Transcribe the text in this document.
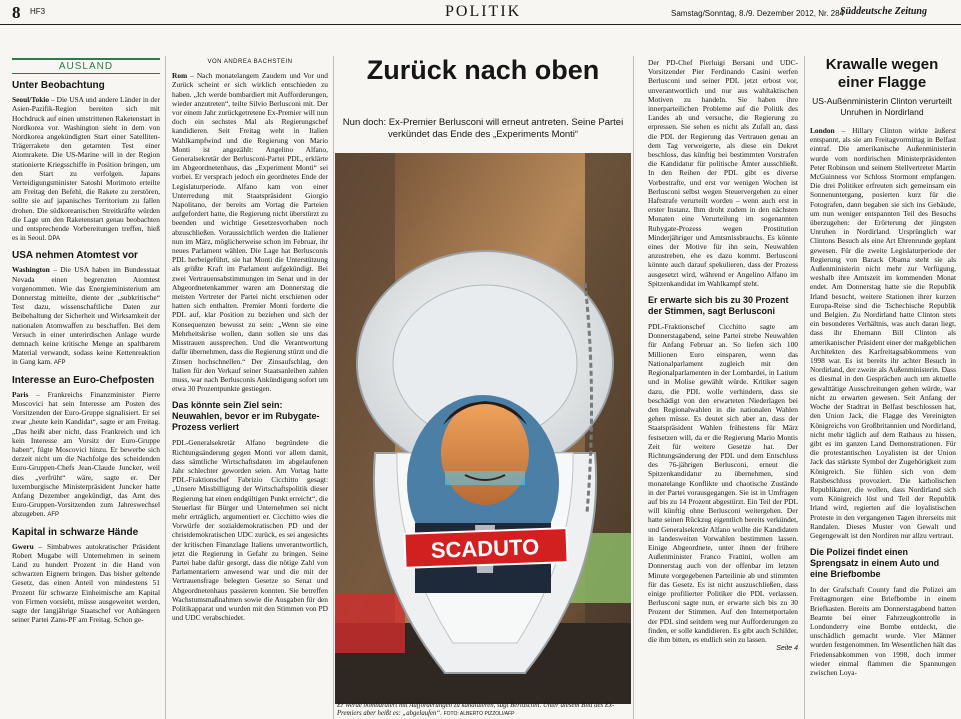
8 HF3	POLITIK	Samstag/Sonntag, 8./9. Dezember 2012, Nr. 284
Süddeutsche Zeitung
AUSLAND
Unter Beobachtung

Seoul/Tokio – Die USA und andere Länder in der Asien-Pazifik-Region bereiten sich mit Hochdruck auf einen umstrittenen Raketenstart in Nordkorea vor. Washington sieht in dem von Nordkorea angekündigten Start einer Satelliten-Trägerrakete den getarnten Test einer Atomrakete. Die US-Marine will in der Region stationierte Kriegsschiffe in Position bringen, um den Start zu verfolgen. Japans Verteidigungsminister Satoshi Morimoto erteilte am Freitag den Befehl, die Rakete zu zerstören, sollte sie auf japanisches Territorium zu fallen drohen. Die südkoreanischen Streitkräfte würden die Lage um den Raketenstart genau beobachten und entsprechende Vorbereitungen treffen, hieß es in Seoul. DPA

USA nehmen Atomtest vor

Washington – Die USA haben im Bundesstaat Nevada einen begrenzten Atomtest vorgenommen. Wie das Energieministerium am Donnerstag mitteilte, diente der „subkritische“ Test dazu, wissenschaftliche Daten zur Beibehaltung der Sicherheit und Wirksamkeit der nationalen Atomwaffen zu beschaffen. Bei dem Versuch in einer unterirdischen Anlage wurde demnach keine kritische Menge an spaltbarem Material verwandt, sodass keine Kettenreaktion in Gang kam. AFP

Interesse an Euro-Chefposten

Paris – Frankreichs Finanzminister Pierre Moscovici hat sein Interesse am Posten des Vorsitzenden der Euro-Gruppe signalisiert. Er sei zwar „heute kein Kandidat“, sagte er am Freitag. „Das heißt aber nicht, dass Frankreich und ich kein Interesse am Vorsitz der Euro-Gruppe haben“, fügte Moscovici hinzu. Er bewerbe sich derzeit nicht um die Nachfolge des scheidenden Euro-Gruppen-Chefs Jean-Claude Juncker, weil dies „verfrüht“ wäre, sagte er. Der luxemburgische Ministerpräsident Juncker hatte Anfang Dezember angekündigt, das Amt des Euro-Gruppen-Vorsitzenden zum Jahreswechsel abzugeben. AFP

Kapital in schwarze Hände

Gweru – Simbabwes autokratischer Präsident Robert Mugabe will Unternehmen in seinem Land zu hundert Prozent in die Hand von schwarzen Eignern bringen. Das bisher geltende Gesetz, das einen Anteil von mindestens 51 Prozent für schwarze Einheimische am Kapital von Firmen vorsieht, müsse ausgeweitet werden, sagte der langjährige Staatschef vor Anhängern seiner Partei Zanu-PF am Freitag. Schon ge-

VON ANDREA BACHSTEIN

Rom – Nach monatelangem Zaudern und Vor und Zurück scheint er sich wirklich entschieden zu haben. „Ich werde bombardiert mit Aufforderungen, wieder anzutreten“, teilte Silvio Berlusconi mit. Der vor einem Jahr zurückgetretene Ex-Premier will nun doch ein sechstes Mal als Regierungschef kandidieren. Seit Freitag weht in Italien Wahlkampfwind und die Regierung von Mario Monti ist angezählt: Angelino Alfano, Generalsekretär der Berlusconi-Partei PDL, erklärte im Abgeordnetenhaus, das „Experiment Monti“ sei vorbei. Er versprach jedoch ein geordnetes Ende der Legislaturperiode. Alfano kam von einer Unterredung mit Staatspräsident Giorgio Napolitano, der bereits am Vortag die Parteien aufgefordert hatte, die Regierung nicht überstürzt zu beenden und wichtige Gesetzesvorhaben noch abzuschließen. Voraussichtlich werden die Italiener nun im März, möglicherweise schon im Februar, ihr neues Parlament wählen. Die Lage hat Berlusconis PDL herbeigeführt, sie hat Monti die Unterstützung als größte Kraft im Parlament aufgekündigt. Bei zwei Vertrauensabstimmungen im Senat und in der Abgeordnetenkammer waren am Donnerstag die meisten Vertreter der Partei nicht erschienen oder hatten sich enthalten. Premier Monti forderte die PDL auf, klar Position zu beziehen und sich der Konsequenzen bewusst zu sein: „Wenn sie eine Mehrheitskrise wollen, dann sollen sie uns das Misstrauen aussprechen. Und die Verantwortung dafür übernehmen, dass die Regierung stürzt und die Zinsen hochschnellen.“ Der Zinsaufschlag, den Italien für den Verkauf seiner Staatsanleihen zahlen muss, war nach Berlusconis Ankündigung sofort um etwa 30 Prozentpunkte gestiegen.

Das könnte sein Ziel sein: Neuwahlen, bevor er im Rubygate-Prozess verliert

PDL-Generalsekretär Alfano begründete die Richtungsänderung gegen Monti vor allem damit, dass sämtliche Wirtschaftsdaten im abgelaufenen Jahr schlechter geworden seien. Am Vortag hatte PDL-Fraktionschef Fabrizio Cicchitto gesagt: „Unsere Missbilligung der Wirtschaftspolitik dieser Regierung hat einen endgültigen Punkt erreicht“, die Steuerlast für Bürger und Unternehmen sei nicht mehr erträglich, argumentiert er. Cicchitto wies die Vorwürfe der sozialdemokratischen PD und der christdemokratischen UDC zurück, es sei angesichts der kritischen Finanzlage Italiens unverantwortlich, jetzt die Regierung in Gefahr zu bringen. Seine Partei habe dafür gesorgt, dass die nötige Zahl von Parlamentariern anwesend war und die mit der Vertrauensfrage belegten Gesetze so Senat und Abgeordnetenhaus passieren konnten. Sie betreffen Wachstumsmaßnahmen sowie die Ausgaben für den Politikapparat und wurden mit den Stimmen von PD und UDC verabschiedet.

Zurück nach oben
Nun doch: Ex-Premier Berlusconi will erneut antreten. Seine Partei verkündet das Ende des „Experiments Monti“
SCADUTO
Er werde bombardiert mit Aufforderungen zu kandidieren, sagt Berlusconi. Unter diesem Bild des Ex-Premiers aber heißt es: „abgelaufen“. FOTO: ALBERTO PIZZOLI/AFP

Der PD-Chef Pierluigi Bersani und UDC-Vorsitzender Pier Ferdinando Casini werfen Berlusconi und seiner PDL jetzt erbost vor, unverantwortlich und nur aus wahltaktischen Motiven zu handeln. Sie haben ihre innerparteilichen Probleme auf die Politik des Landes ab und versuche, die Regierung zu erpressen. Sie sehen es nicht als Zufall an, dass die PDL der Regierung das Vertrauen genau an dem Tag verweigerte, als diese ein Dekret beschloss, das künftig bei bestimmten Vorstrafen die Kandidatur für politische Ämter ausschließt. In den Reihen der PDL gibt es diverse Vorbestrafte, und erst vor wenigen Wochen ist Berlusconi selbst wegen Steuervergehen zu einer Haftstrafe verurteilt worden – wenn auch erst in erster Instanz. Ihm droht zudem in den nächsten Monaten eine Verurteilung im sogenannten Rubygate-Prozess wegen Prostitution Minderjähriger und Amtsmissbrauchs. Es könnte eines der Motive für ihn sein, Neuwahlen anzustreben, ehe es dazu kommt. Berlusconi könnte auch darauf spekulieren, dass der Prozess ausgesetzt wird, während er Angelino Alfano im Spitzenkandidat im Wahlkampf steht.

Er erwarte sich bis zu 30 Prozent der Stimmen, sagt Berlusconi

PDL-Fraktionschef Cicchitto sagte am Donnerstagabend, seine Partei strebe Neuwahlen für Anfang Februar an. So liefen sich 100 Millionen Euro einsparen, wenn das Nationalparlament zugleich mit den Regionalparlamenten in der Lombardei, in Latium und in Molise gewählt würde. Kritiker sagen dazu, die PDL wolle verhindern, dass sie beschädigt von den erwarteten Niederlagen bei den Regionalwahlen in die nationalen Wahlen gehen müsse. Es deutet sich aber an, dass der Staatspräsident Wahlen frühestens für März festsetzen will, da er die Regierung Mario Montis Zeit für weitere Gesetze hat. Der Richtungsänderung der PDL und dem Entschluss des 76-jährigen Berlusconi, erneut die Spitzenkandidatur zu übernehmen, sind monatelange Konflikte und chaotische Zustände in der Partei vorausgegangen. Sie ist in Umfragen auf bis zu 14 Prozent abgestürzt. Ein Teil der PDL will künftig ohne Berlusconi weitergehen. Der hatte seinen Rückzug eigentlich bereits verkündet, und Generalsekretär Alfano wollte die Kandidaten in landesweiten Vorwahlen bestimmen lassen. Einige Abgeordnete, unter ihnen der frühere Außenminister Franco Frattini, wollen am Donnerstag auch von der offenbar im letzten Minute vorgegebenen Parteilinie ab und stimmten für das Gesetz. Es ist nicht auszuschließen, dass einige profilierter Politiker die PDL verlassen. Berlusconi sagte nun, er erwarte sich bis zu 30 Prozent der Stimmen. Auf den Internetportalen der PDL sind seitdem weg nur Aufforderungen zu finden, er solle kandidieren. Es gibt auch Schilder, die ihm bitten, es endlich sein zu lassen.

Seite 4
Krawalle wegen einer Flagge
US-Außenministerin Clinton verurteilt Unruhen in Nordirland

London – Hillary Clinton wirkte äußerst entspannt, als sie am Freitagvormittag in Belfast eintraf. Die amerikanische Außenministerin wurde vom nordirischen Ministerpräsidenten Peter Robinson und seinem Stellvertreter Martin McGuinness vor Schloss Stormont empfangen. Die drei Politiker erfreuten sich gemeinsam ein Sonnenuntergang, posierten kurz für die Fotografen, dann begaben sie sich ins Gebäude, um nun weniger entspannten Teil des Besuchs überzugehen: der Erörterung der jüngsten Unruhen in Nordirland. Ursprünglich war Clintons Besuch als eine Art Ehrenrunde geplant gewesen. Für die zweite Legislaturperiode der Regierung von Barack Obama steht sie als Außenministerin nicht mehr zur Verfügung, weshalb ihre Amtszeit im kommenden Monat endet. Am Donnerstag hatte sie die Republik Irland besucht, weitere Stationen ihrer kurzen Europa-Reise sind die Tschechische Republik und Belgien. Zu Nordirland hatte Clinton stets ein besonderes Verhältnis, was auch daran liegt, dass ihr Ehemann Bill Clinton als amerikanischer Präsident einer der maßgeblichen Architekten des Karfreitagsabkommens von 1998 war. Es ist bereits ihr achter Besuch in Nordirland, der zweite als Außenministerin. Dass es diesmal in den Gesprächen auch um aktuelle gewalttätige Ausschreitungen gehen würde, war nicht zu erwarten gewesen. Seit Anfang der Woche der Stadtrat in Belfast beschlossen hat, den Union Jack, die Flagge des Vereinigten Königreichs von Großbritannien und Nordirland, nicht mehr täglich auf dem Rathaus zu hissen, gibt es im ganzen Land Demonstrationen. Für die protestantischen Loyalisten ist der Union Jack das stärkste Symbol der Zugehörigkeit zum Königreich. Sie fühlen sich von dem Ratsbeschluss provoziert. Die katholischen Republikaner, die wollen, dass Nordirland sich vom Königreich löst und Teil der Republik Irland wird, regierten auf die loyalistischen Proteste in den vergangenen Tagen ihrerseits mit Randalen. Dieses Muster von Gewalt und Gegengewalt ist den Nordiren nur allzu vertraut.

Die Polizei findet einen Sprengsatz in einem Auto und eine Briefbombe

In der Grafschaft County fand die Polizei am Freitagmorgen eine Briefbombe in einem Briefkasten. Bereits am Donnerstagabend hatten Beamte bei einer Fahrzeugkontrolle in Londonderry eine Bombe entdeckt, die unschädlich gemacht wurde. Vier Männer wurden festgenommen. Im Wesentlichen hält das Friedensabkommen von 1998, doch immer wieder einmal flammen die Spannungen zwischen Loya-
